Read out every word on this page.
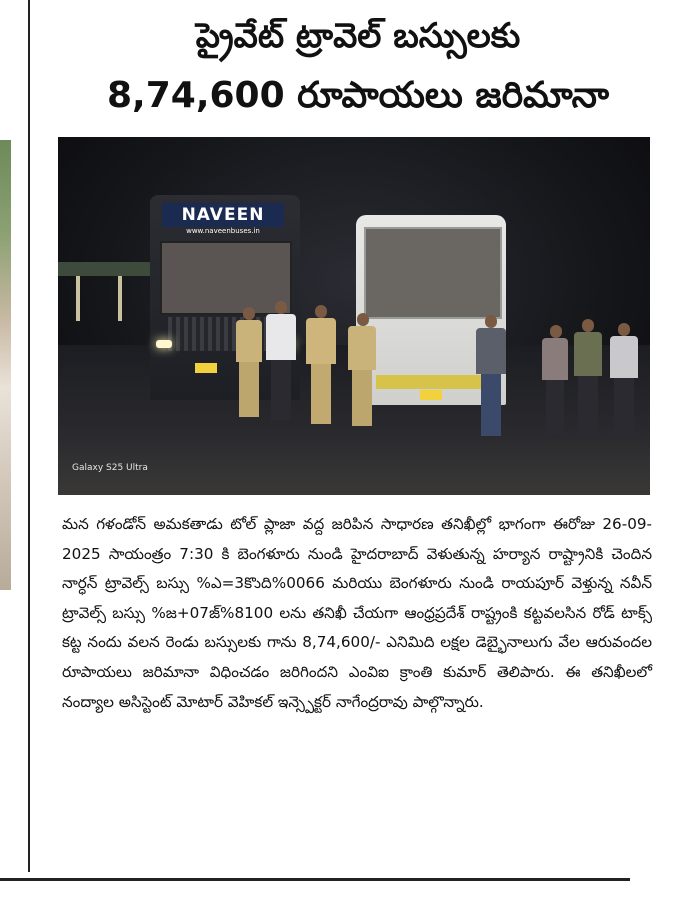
ప్రైవేట్ ట్రావెల్ బస్సులకు
8,74,600 రూపాయలు జరిమానా
NAVEEN
www.naveenbuses.in
Galaxy S25 Ultra

మన గళండోన్ అమకతాడు టోల్ ప్లాజా వద్ద జరిపిన సాధారణ తనిఖీల్లో భాగంగా ఈరోజు 26-09-2025 సాయంత్రం 7:30 కి బెంగళూరు నుండి హైదరాబాద్ వెళుతున్న హర్యాన రాష్ట్రానికి చెందిన నార్ధన్ ట్రావెల్స్ బస్సు %ఎ=3కొుది%0066 మరియు బెంగళూరు నుండి రాయపూర్ వెళ్తున్న నవీన్ ట్రావెల్స్ బస్సు %జ+07జ్%8100 లను తనిఖీ చేయగా ఆంధ్రప్రదేశ్ రాష్ట్రంకి కట్టవలసిన రోడ్ టాక్స్ కట్ట నందు వలన రెండు బస్సులకు గాను 8,74,600/- ఎనిమిది లక్షల డెబ్భైనాలుగు వేల ఆరువందల రూపాయలు జరిమానా విధించడం జరిగిందని ఎంవిఐ క్రాంతి కుమార్ తెలిపారు. ఈ తనిఖీలలో నంద్యాల అసిస్టెంట్ మోటార్ వెహికల్ ఇన్స్పెక్టర్ నాగేంద్రరావు పాల్గొన్నారు.
